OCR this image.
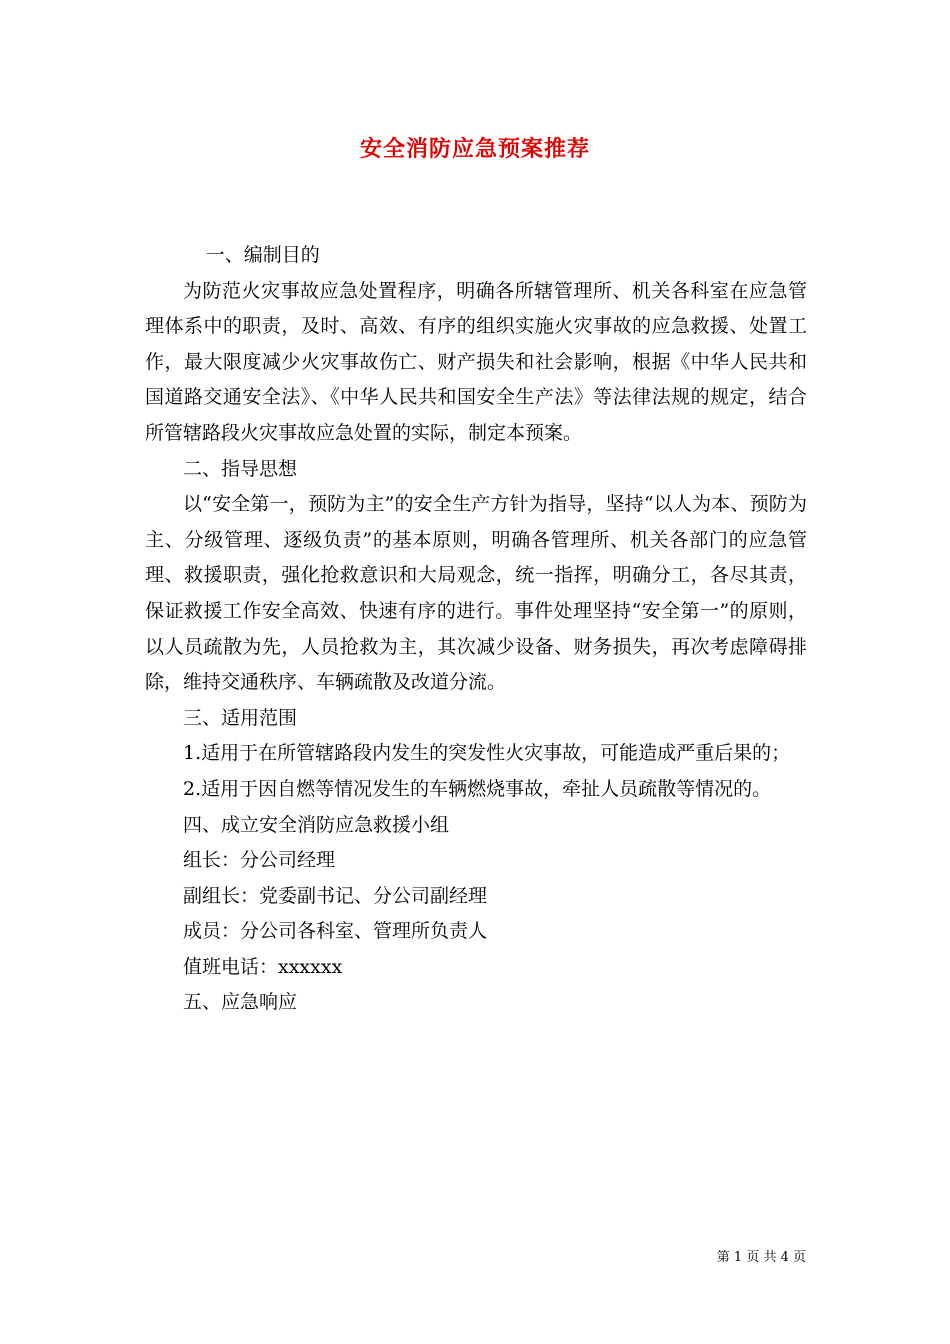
安全消防应急预案推荐

一、编制目的

为防范火灾事故应急处置程序，明确各所辖管理所、机关各科室在应急管理体系中的职责，及时、高效、有序的组织实施火灾事故的应急救援、处置工作，最大限度减少火灾事故伤亡、财产损失和社会影响，根据《中华人民共和国道路交通安全法》、《中华人民共和国安全生产法》等法律法规的规定，结合所管辖路段火灾事故应急处置的实际，制定本预案。

二、指导思想

以“安全第一，预防为主”的安全生产方针为指导，坚持“以人为本、预防为主、分级管理、逐级负责”的基本原则，明确各管理所、机关各部门的应急管理、救援职责，强化抢救意识和大局观念，统一指挥，明确分工，各尽其责，保证救援工作安全高效、快速有序的进行。事件处理坚持“安全第一”的原则，以人员疏散为先，人员抢救为主，其次减少设备、财务损失，再次考虑障碍排除，维持交通秩序、车辆疏散及改道分流。

三、适用范围

1.适用于在所管辖路段内发生的突发性火灾事故，可能造成严重后果的；

2.适用于因自燃等情况发生的车辆燃烧事故，牵扯人员疏散等情况的。

四、成立安全消防应急救援小组

组长：分公司经理

副组长：党委副书记、分公司副经理

成员：分公司各科室、管理所负责人

值班电话：xxxxxx

五、应急响应

第 1 页 共 4 页
